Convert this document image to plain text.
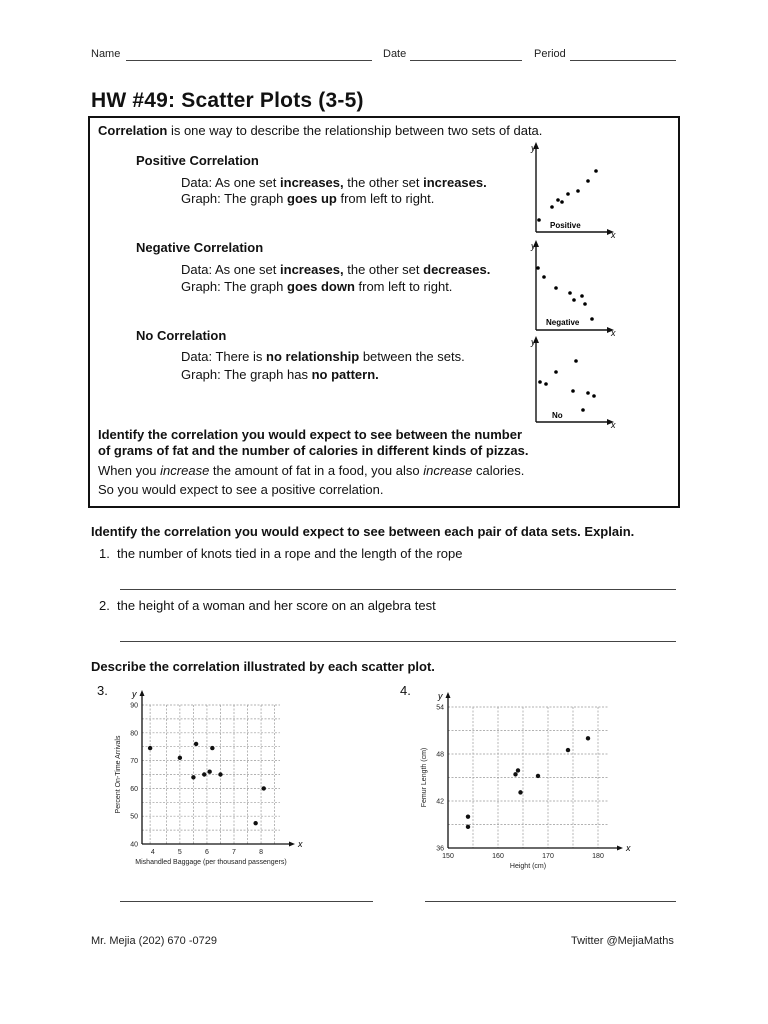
Name	Date	Period
HW #49: Scatter Plots (3-5)
Correlation is one way to describe the relationship between two sets of data.
Positive Correlation
Data: As one set increases, the other set increases.
Graph: The graph goes up from left to right.
Negative Correlation
Data: As one set increases, the other set decreases.
Graph: The graph goes down from left to right.
No Correlation
Data: There is no relationship between the sets.
Graph: The graph has no pattern.
y
x
Positive
y
x
Negative
y
x
No
Identify the correlation you would expect to see between the number
of grams of fat and the number of calories in different kinds of pizzas.
When you increase the amount of fat in a food, you also increase calories.
So you would expect to see a positive correlation.
Identify the correlation you would expect to see between each pair of data sets. Explain.
1. the number of knots tied in a rope and the length of the rope
2. the height of a woman and her score on an algebra test
Describe the correlation illustrated by each scatter plot.
3.	4.
4	5	6	7	8
40
50
60
70
80
90
Percent On-Time Arrivals
Mishandled Baggage (per thousand passengers)
y
x
150	160	170	180
36
42
48
54
Femur Length (cm)
Height (cm)
y
x
Mr. Mejia (202) 670 -0729	Twitter @MejiaMaths
